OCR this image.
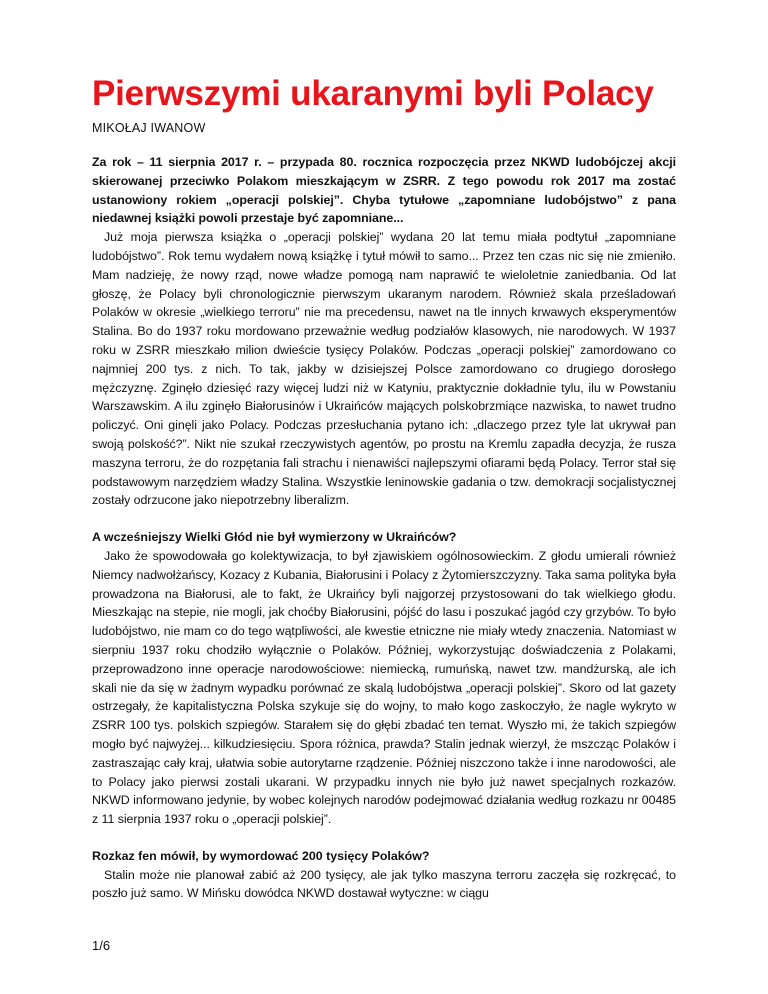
Pierwszymi ukaranymi byli Polacy
MIKOŁAJ IWANOW

Za rok – 11 sierpnia 2017 r. – przypada 80. rocznica rozpoczęcia przez NKWD ludobójczej akcji skierowanej przeciwko Polakom mieszkającym w ZSRR. Z tego powodu rok 2017 ma zostać ustanowiony rokiem „operacji polskiej”. Chyba tytułowe „zapomniane ludobójstwo” z pana niedawnej książki powoli przestaje być zapomniane...

Już moja pierwsza książka o „operacji polskiej” wydana 20 lat temu miała podtytuł „zapomniane ludobójstwo”. Rok temu wydałem nową książkę i tytuł mówił to samo... Przez ten czas nic się nie zmieniło. Mam nadzieję, że nowy rząd, nowe władze pomogą nam naprawić te wieloletnie zaniedbania. Od lat głoszę, że Polacy byli chronologicznie pierwszym ukaranym narodem. Również skala prześladowań Polaków w okresie „wielkiego terroru” nie ma precedensu, nawet na tle innych krwawych eksperymentów Stalina. Bo do 1937 roku mordowano przeważnie według podziałów klasowych, nie narodowych. W 1937 roku w ZSRR mieszkało milion dwieście tysięcy Polaków. Podczas „operacji polskiej” zamordowano co najmniej 200 tys. z nich. To tak, jakby w dzisiejszej Polsce zamordowano co drugiego dorosłego mężczyznę. Zginęło dziesięć razy więcej ludzi niż w Katyniu, praktycznie dokładnie tylu, ilu w Powstaniu Warszawskim. A ilu zginęło Białorusinów i Ukraińców mających polskobrzmiące nazwiska, to nawet trudno policzyć. Oni ginęli jako Polacy. Podczas przesłuchania pytano ich: „dlaczego przez tyle lat ukrywał pan swoją polskość?”. Nikt nie szukał rzeczywistych agentów, po prostu na Kremlu zapadła decyzja, że rusza maszyna terroru, że do rozpętania fali strachu i nienawiści najlepszymi ofiarami będą Polacy. Terror stał się podstawowym narzędziem władzy Stalina. Wszystkie leninowskie gadania o tzw. demokracji socjalistycznej zostały odrzucone jako niepotrzebny liberalizm.

A wcześniejszy Wielki Głód nie był wymierzony w Ukraińców?

Jako że spowodowała go kolektywizacja, to był zjawiskiem ogólnosowieckim. Z głodu umierali również Niemcy nadwołżańscy, Kozacy z Kubania, Białorusini i Polacy z Żytomierszczyzny. Taka sama polityka była prowadzona na Białorusi, ale to fakt, że Ukraińcy byli najgorzej przystosowani do tak wielkiego głodu. Mieszkając na stepie, nie mogli, jak choćby Białorusini, pójść do lasu i poszukać jagód czy grzybów. To było ludobójstwo, nie mam co do tego wątpliwości, ale kwestie etniczne nie miały wtedy znaczenia. Natomiast w sierpniu 1937 roku chodziło wyłącznie o Polaków. Później, wykorzystując doświadczenia z Polakami, przeprowadzono inne operacje narodowościowe: niemiecką, rumuńską, nawet tzw. mandżurską, ale ich skali nie da się w żadnym wypadku porównać ze skalą ludobójstwa „operacji polskiej”. Skoro od lat gazety ostrzegały, że kapitalistyczna Polska szykuje się do wojny, to mało kogo zaskoczyło, że nagle wykryto w ZSRR 100 tys. polskich szpiegów. Starałem się do głębi zbadać ten temat. Wyszło mi, że takich szpiegów mogło być najwyżej... kilkudziesięciu. Spora różnica, prawda? Stalin jednak wierzył, że mszcząc Polaków i zastraszając cały kraj, ułatwia sobie autorytarne rządzenie. Później niszczono także i inne narodowości, ale to Polacy jako pierwsi zostali ukarani. W przypadku innych nie było już nawet specjalnych rozkazów. NKWD informowano jedynie, by wobec kolejnych narodów podejmować działania według rozkazu nr 00485 z 11 sierpnia 1937 roku o „operacji polskiej”.

Rozkaz fen mówił, by wymordować 200 tysięcy Polaków?

Stalin może nie planował zabić aż 200 tysięcy, ale jak tylko maszyna terroru zaczęła się rozkręcać, to poszło już samo. W Mińsku dowódca NKWD dostawał wytyczne: w ciągu

1/6
